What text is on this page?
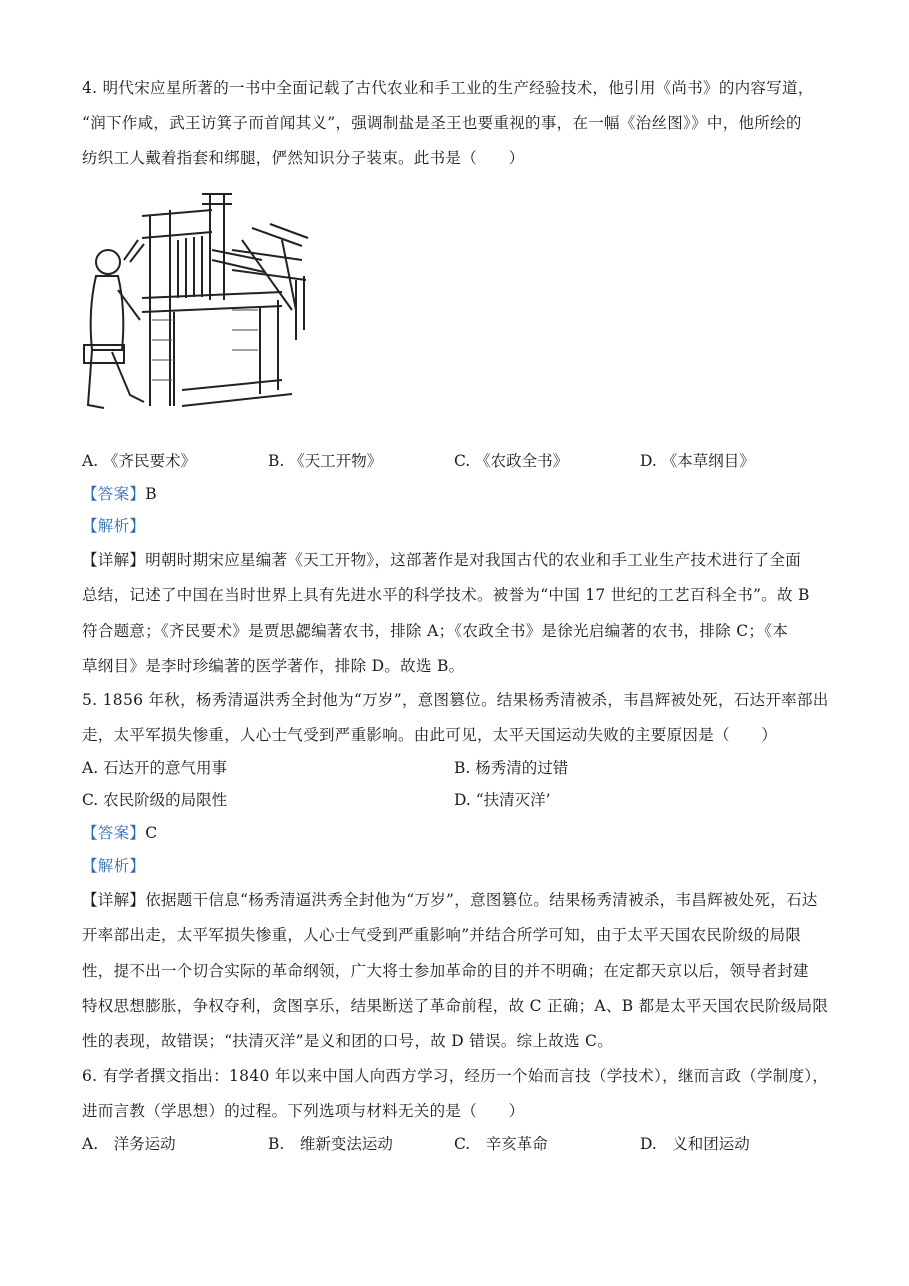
4. 明代宋应星所著的一书中全面记载了古代农业和手工业的生产经验技术，他引用《尚书》的内容写道，
“润下作咸，武王访箕子而首闻其义”，强调制盐是圣王也要重视的事，在一幅《治丝图》》中，他所绘的
纺织工人戴着指套和绑腿，俨然知识分子装束。此书是（　　）
A. 《齐民要术》	B. 《天工开物》	C. 《农政全书》	D. 《本草纲目》
【答案】B
【解析】
【详解】明朝时期宋应星编著《天工开物》，这部著作是对我国古代的农业和手工业生产技术进行了全面
总结，记述了中国在当时世界上具有先进水平的科学技术。被誉为“中国 17 世纪的工艺百科全书”。故 B
符合题意；《齐民要术》是贾思勰编著农书，排除 A；《农政全书》是徐光启编著的农书，排除 C；《本
草纲目》是李时珍编著的医学著作，排除 D。故选 B。
5. 1856 年秋，杨秀清逼洪秀全封他为“万岁”，意图篡位。结果杨秀清被杀，韦昌辉被处死，石达开率部出
走，太平军损失惨重，人心士气受到严重影响。由此可见，太平天国运动失败的主要原因是（　　）
A. 石达开的意气用事	B. 杨秀清的过错
C. 农民阶级的局限性	D. “扶清灭洋’
【答案】C
【解析】
【详解】依据题干信息“杨秀清逼洪秀全封他为“万岁”，意图篡位。结果杨秀清被杀，韦昌辉被处死，石达
开率部出走，太平军损失惨重，人心士气受到严重影响”并结合所学可知，由于太平天国农民阶级的局限
性，提不出一个切合实际的革命纲领，广大将士参加革命的目的并不明确；在定都天京以后，领导者封建
特权思想膨胀，争权夺利，贪图享乐，结果断送了革命前程，故 C 正确；A、B 都是太平天国农民阶级局限
性的表现，故错误；“扶清灭洋”是义和团的口号，故 D 错误。综上故选 C。
6. 有学者撰文指出：1840 年以来中国人向西方学习，经历一个始而言技（学技术），继而言政（学制度），
进而言教（学思想）的过程。下列选项与材料无关的是（　　）
A.　洋务运动	B.　维新变法运动	C.　辛亥革命	D.　义和团运动
